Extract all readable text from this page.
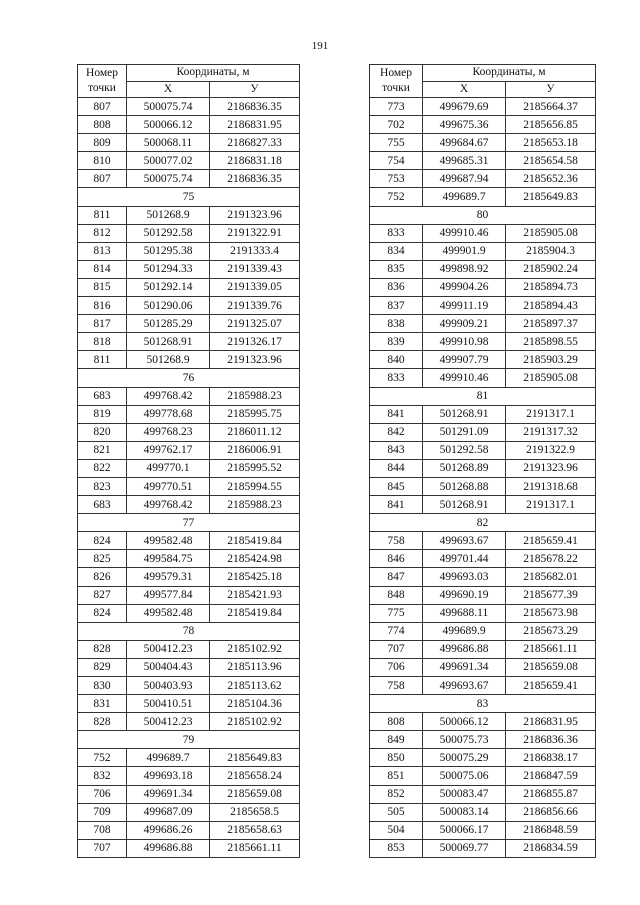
191
Номер
точки	Координаты, м	
	X	У
807	500075.74	2186836.35
808	500066.12	2186831.95
809	500068.11	2186827.33
810	500077.02	2186831.18
807	500075.74	2186836.35
75		
811	501268.9	2191323.96
812	501292.58	2191322.91
813	501295.38	2191333.4
814	501294.33	2191339.43
815	501292.14	2191339.05
816	501290.06	2191339.76
817	501285.29	2191325.07
818	501268.91	2191326.17
811	501268.9	2191323.96
76		
683	499768.42	2185988.23
819	499778.68	2185995.75
820	499768.23	2186011.12
821	499762.17	2186006.91
822	499770.1	2185995.52
823	499770.51	2185994.55
683	499768.42	2185988.23
77		
824	499582.48	2185419.84
825	499584.75	2185424.98
826	499579.31	2185425.18
827	499577.84	2185421.93
824	499582.48	2185419.84
78		
828	500412.23	2185102.92
829	500404.43	2185113.96
830	500403.93	2185113.62
831	500410.51	2185104.36
828	500412.23	2185102.92
79		
752	499689.7	2185649.83
832	499693.18	2185658.24
706	499691.34	2185659.08
709	499687.09	2185658.5
708	499686.26	2185658.63
707	499686.88	2185661.11
Номер
точки	Координаты, м	
	X	У
773	499679.69	2185664.37
702	499675.36	2185656.85
755	499684.67	2185653.18
754	499685.31	2185654.58
753	499687.94	2185652.36
752	499689.7	2185649.83
80		
833	499910.46	2185905.08
834	499901.9	2185904.3
835	499898.92	2185902.24
836	499904.26	2185894.73
837	499911.19	2185894.43
838	499909.21	2185897.37
839	499910.98	2185898.55
840	499907.79	2185903.29
833	499910.46	2185905.08
81		
841	501268.91	2191317.1
842	501291.09	2191317.32
843	501292.58	2191322.9
844	501268.89	2191323.96
845	501268.88	2191318.68
841	501268.91	2191317.1
82		
758	499693.67	2185659.41
846	499701.44	2185678.22
847	499693.03	2185682.01
848	499690.19	2185677.39
775	499688.11	2185673.98
774	499689.9	2185673.29
707	499686.88	2185661.11
706	499691.34	2185659.08
758	499693.67	2185659.41
83		
808	500066.12	2186831.95
849	500075.73	2186836.36
850	500075.29	2186838.17
851	500075.06	2186847.59
852	500083.47	2186855.87
505	500083.14	2186856.66
504	500066.17	2186848.59
853	500069.77	2186834.59
